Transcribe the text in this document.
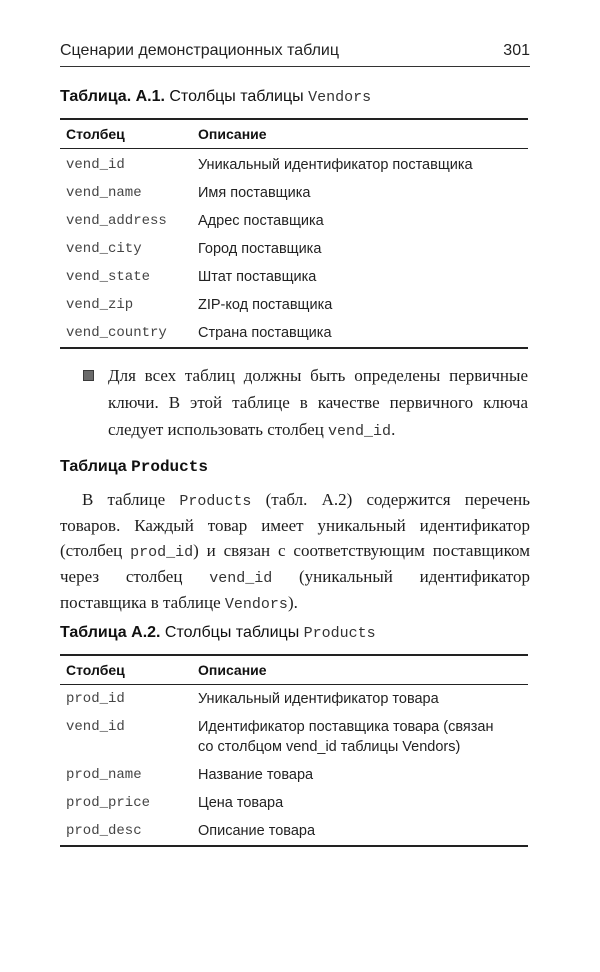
Сценарии демонстрационных таблиц	301
Таблица. А.1. Столбцы таблицы Vendors
Столбец	Описание
vend_id	Уникальный идентификатор поставщика
vend_name	Имя поставщика
vend_address	Адрес поставщика
vend_city	Город поставщика
vend_state	Штат поставщика
vend_zip	ZIP-код поставщика
vend_country	Страна поставщика
Для всех таблиц должны быть определены первичные ключи. В этой таблице в качестве первичного ключа следует использовать столбец vend_id.
Таблица Products
В таблице Products (табл. А.2) содержится перечень товаров. Каждый товар имеет уникальный идентификатор (столбец prod_id) и связан с соответствующим поставщиком через столбец vend_id (уникальный идентификатор поставщика в таблице Vendors).
Таблица А.2. Столбцы таблицы Products
Столбец	Описание
prod_id	Уникальный идентификатор товара
vend_id	Идентификатор поставщика товара (связан
со столбцом vend_id таблицы Vendors)
prod_name	Название товара
prod_price	Цена товара
prod_desc	Описание товара
